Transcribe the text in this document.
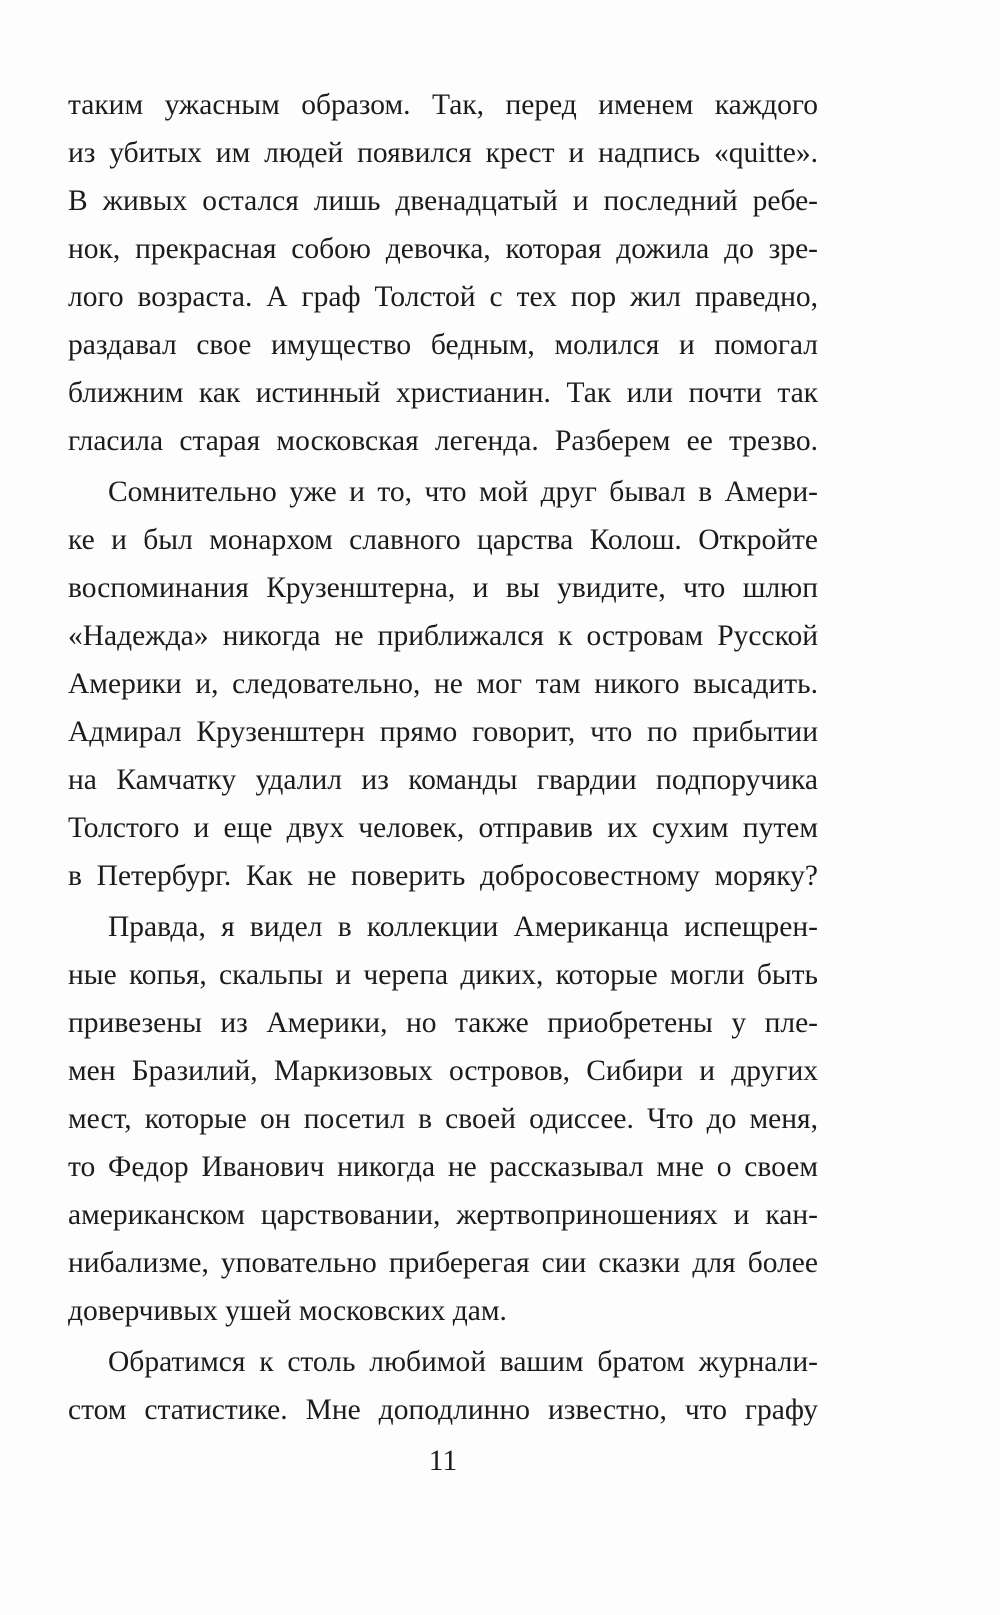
таким ужасным образом. Так, перед именем каждого
из убитых им людей появился крест и надпись «quitte».
В живых остался лишь двенадцатый и последний ребе-
нок, прекрасная собою девочка, которая дожила до зре-
лого возраста. А граф Толстой с тех пор жил праведно,
раздавал свое имущество бедным, молился и помогал
ближним как истинный христианин. Так или почти так
гласила старая московская легенда. Разберем ее трезво.
Сомнительно уже и то, что мой друг бывал в Амери-
ке и был монархом славного царства Колош. Откройте
воспоминания Крузенштерна, и вы увидите, что шлюп
«Надежда» никогда не приближался к островам Русской
Америки и, следовательно, не мог там никого высадить.
Адмирал Крузенштерн прямо говорит, что по прибытии
на Камчатку удалил из команды гвардии подпоручика
Толстого и еще двух человек, отправив их сухим путем
в Петербург. Как не поверить добросовестному моряку?
Правда, я видел в коллекции Американца испещрен-
ные копья, скальпы и черепа диких, которые могли быть
привезены из Америки, но также приобретены у пле-
мен Бразилий, Маркизовых островов, Сибири и других
мест, которые он посетил в своей одиссее. Что до меня,
то Федор Иванович никогда не рассказывал мне о своем
американском царствовании, жертвоприношениях и кан-
нибализме, уповательно приберегая сии сказки для более
доверчивых ушей московских дам.
Обратимся к столь любимой вашим братом журнали-
стом статистике. Мне доподлинно известно, что графу
11
